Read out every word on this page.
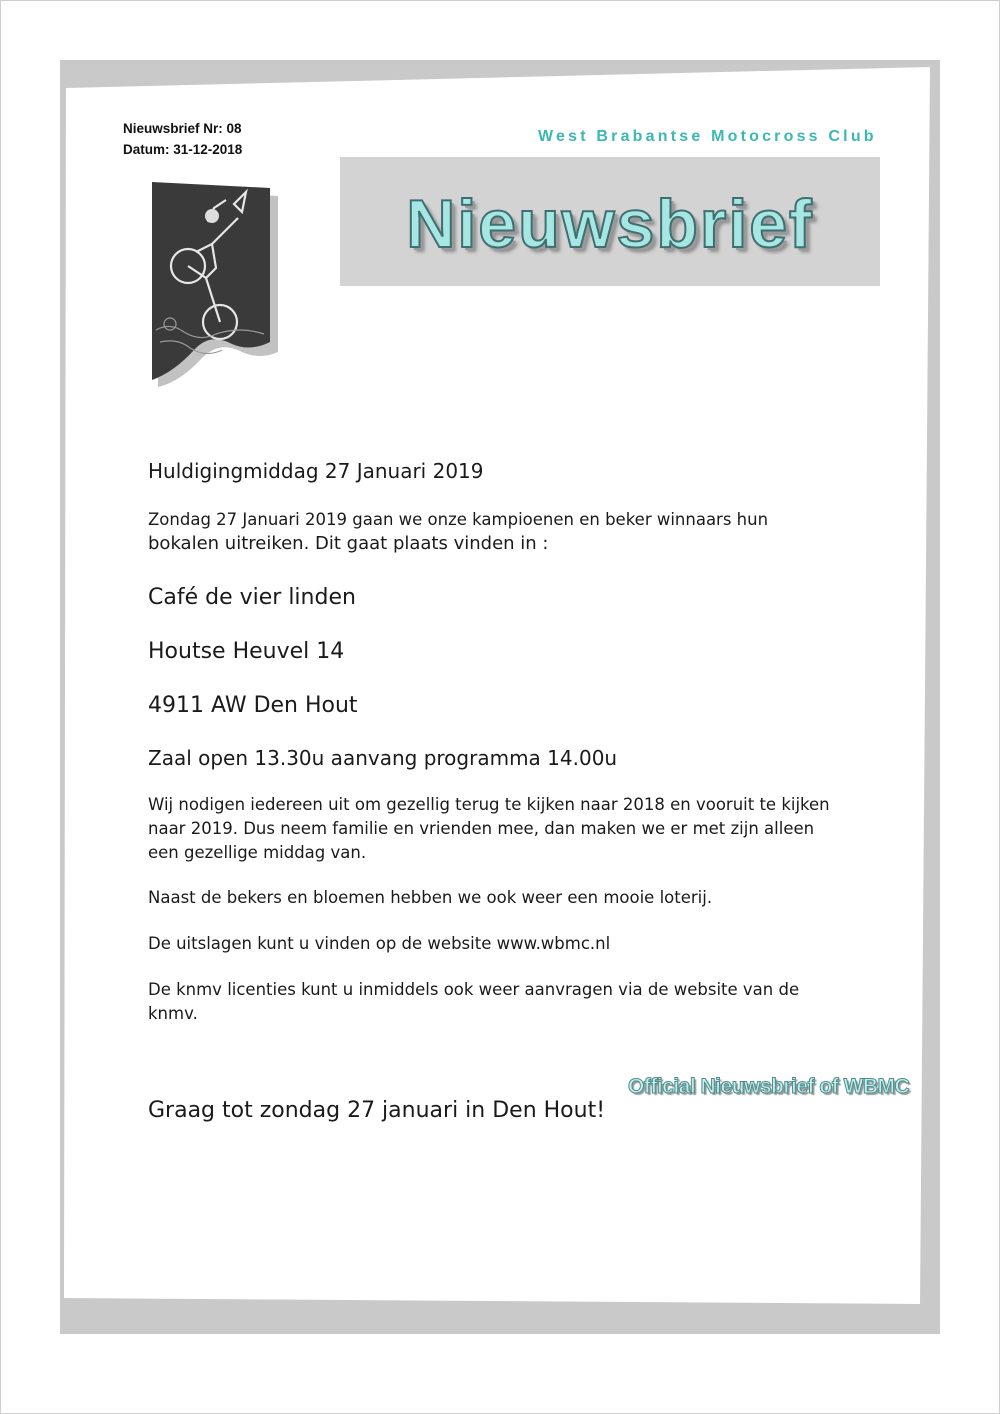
Nieuwsbrief Nr: 08
Datum: 31-12-2018
West Brabantse Motocross Club
Nieuwsbrief
Huldigingmiddag 27 Januari 2019
Zondag 27 Januari 2019 gaan we onze kampioenen en beker winnaars hun
bokalen uitreiken. Dit gaat plaats vinden in :
Café de vier linden
Houtse Heuvel 14
4911 AW Den Hout
Zaal open 13.30u aanvang programma 14.00u
Wij nodigen iedereen uit om gezellig terug te kijken naar 2018 en vooruit te kijken
naar 2019. Dus neem familie en vrienden mee, dan maken we er met zijn alleen
een gezellige middag van.
Naast de bekers en bloemen hebben we ook weer een mooie loterij.
De uitslagen kunt u vinden op de website www.wbmc.nl
De knmv licenties kunt u inmiddels ook weer aanvragen via de website van de
knmv.
Graag tot zondag 27 januari in Den Hout!
Official Nieuwsbrief of WBMC
